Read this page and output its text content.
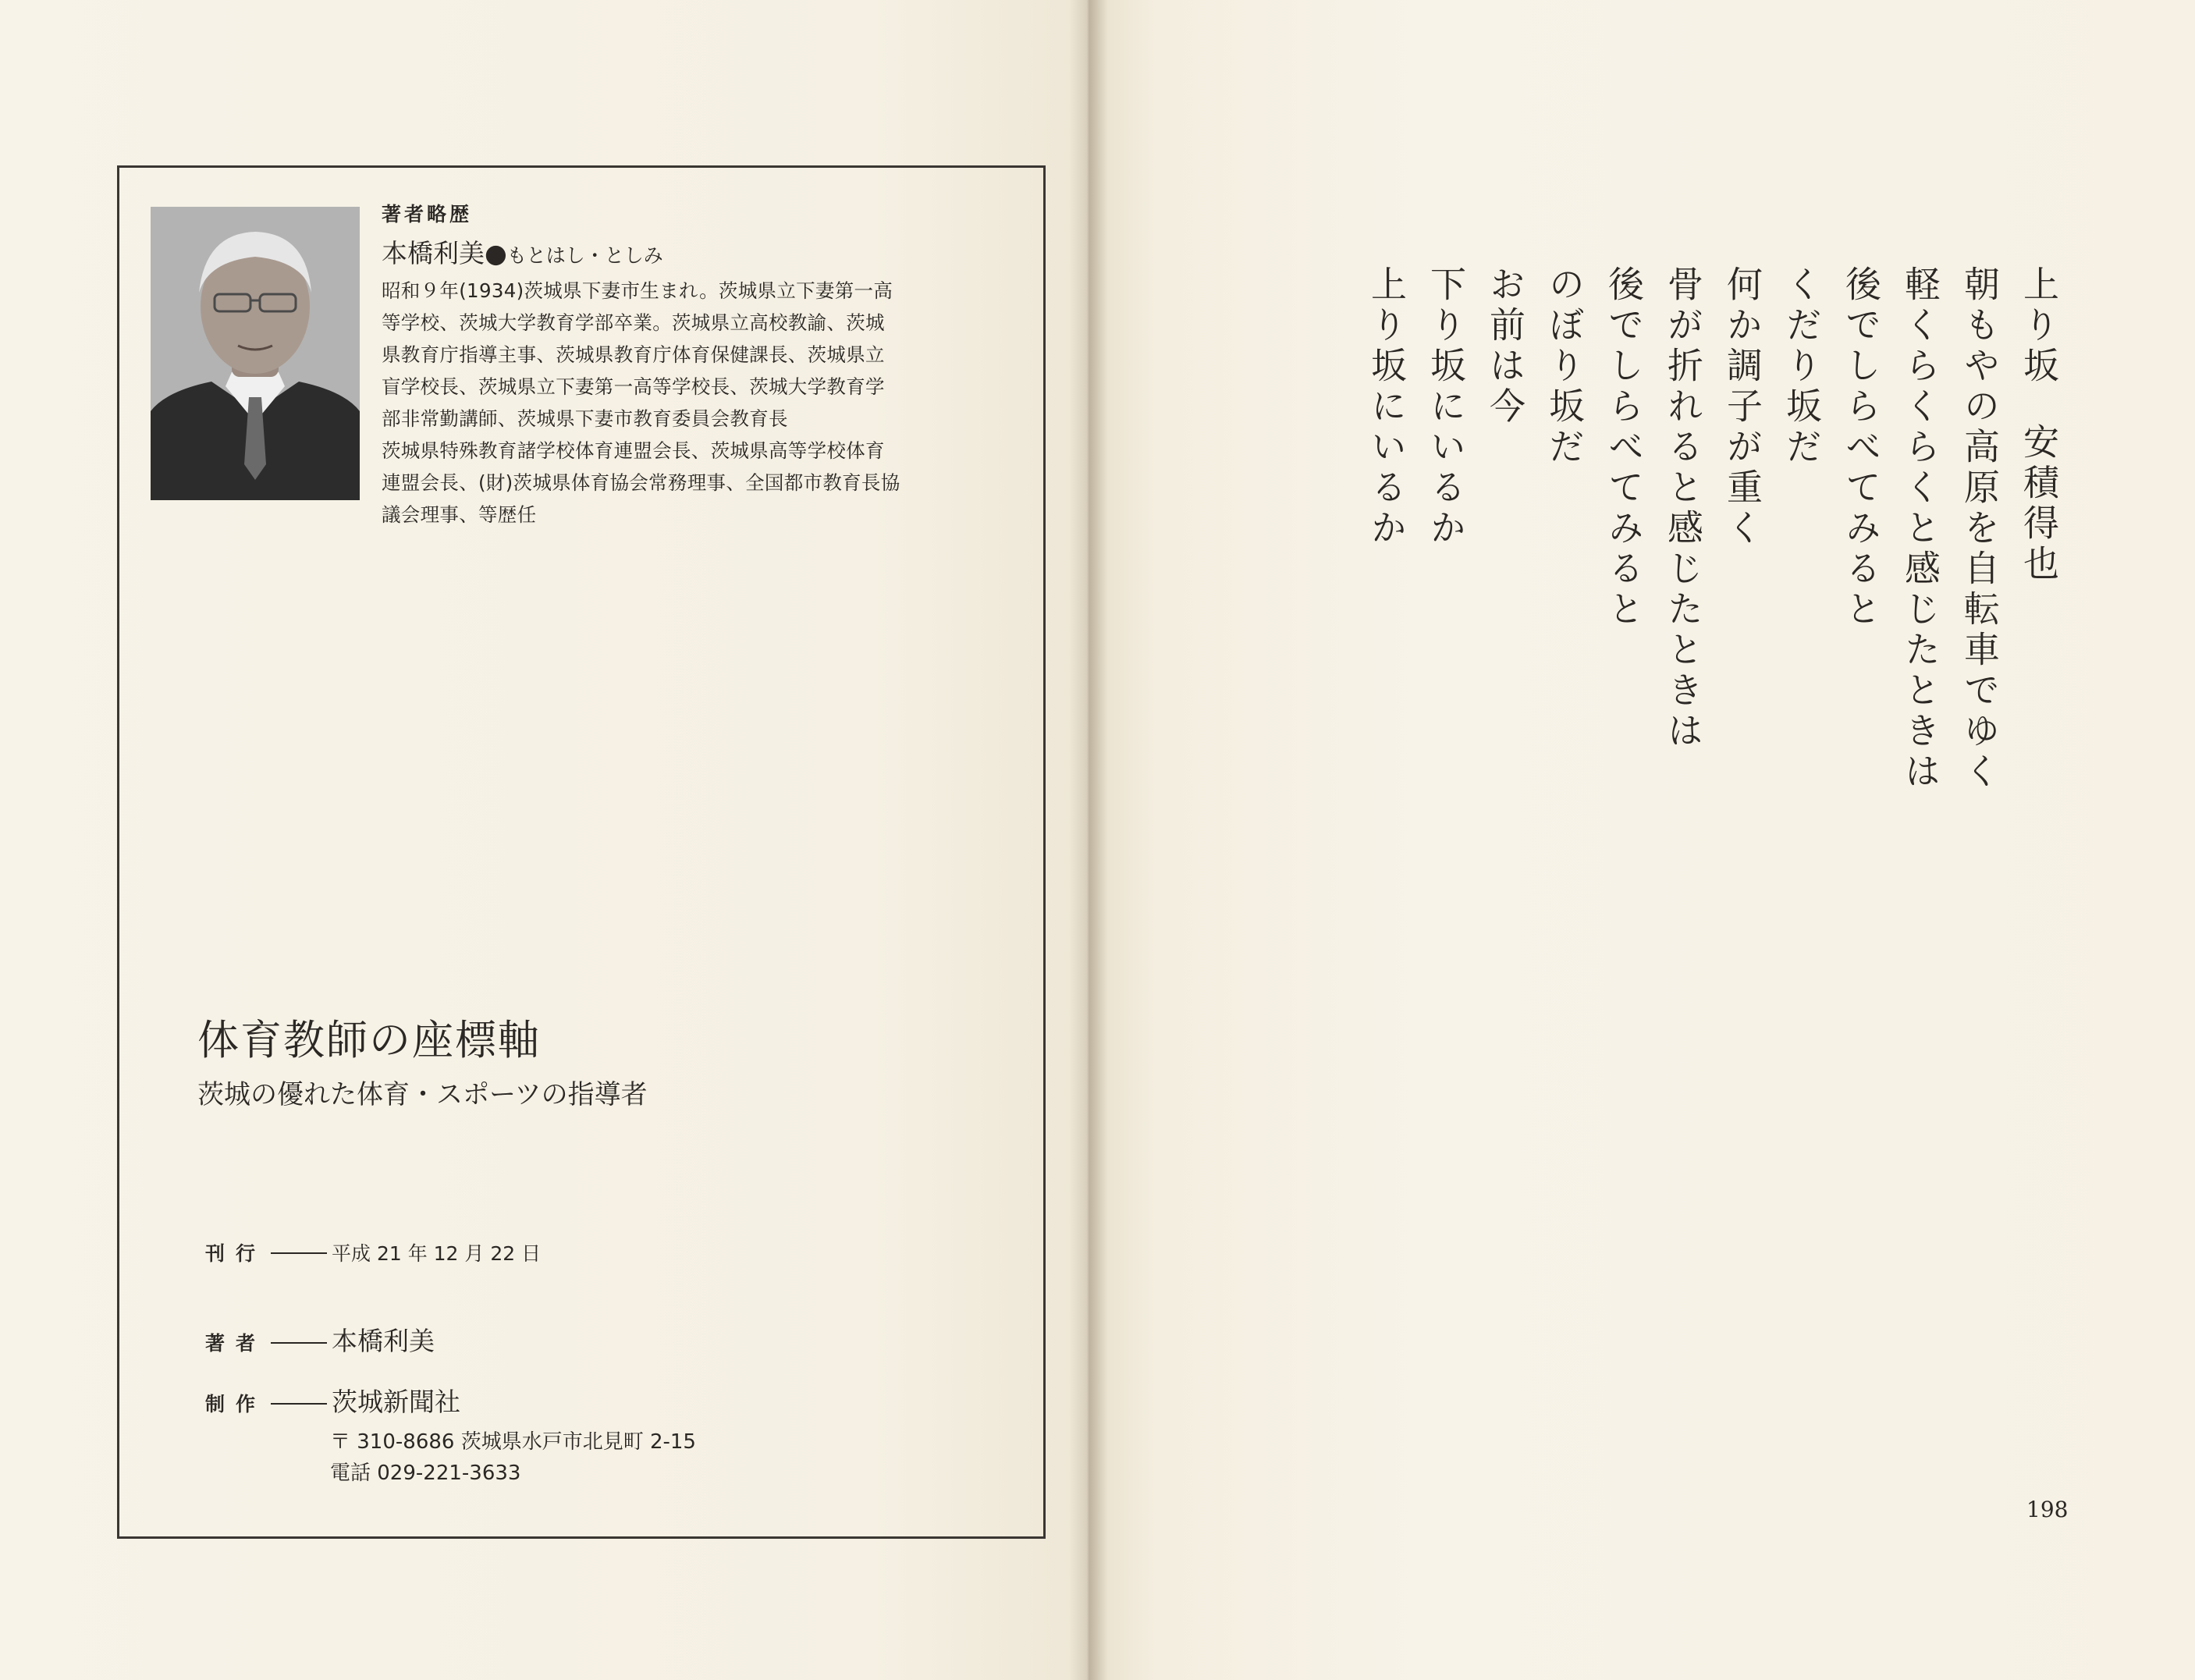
著者略歴
本橋利美●もとはし・としみ
昭和９年(1934)茨城県下妻市生まれ。茨城県立下妻第一高
等学校、茨城大学教育学部卒業。茨城県立高校教諭、茨城
県教育庁指導主事、茨城県教育庁体育保健課長、茨城県立
盲学校長、茨城県立下妻第一高等学校長、茨城大学教育学
部非常勤講師、茨城県下妻市教育委員会教育長
茨城県特殊教育諸学校体育連盟会長、茨城県高等学校体育
連盟会長、(財)茨城県体育協会常務理事、全国都市教育長協
議会理事、等歴任
体育教師の座標軸
茨城の優れた体育・スポーツの指導者
刊行	平成 21 年 12 月 22 日
著者	本橋利美
制作	茨城新聞社
〒 310-8686 茨城県水戸市北見町 2-15
電話 029-221-3633
上り坂安積得也
朝もやの高原を自転車でゆく
軽くらくらくと感じたときは
後でしらべてみると
くだり坂だ
何か調子が重く
骨が折れると感じたときは
後でしらべてみると
のぼり坂だ
お前は今
下り坂にいるか
上り坂にいるか
198
